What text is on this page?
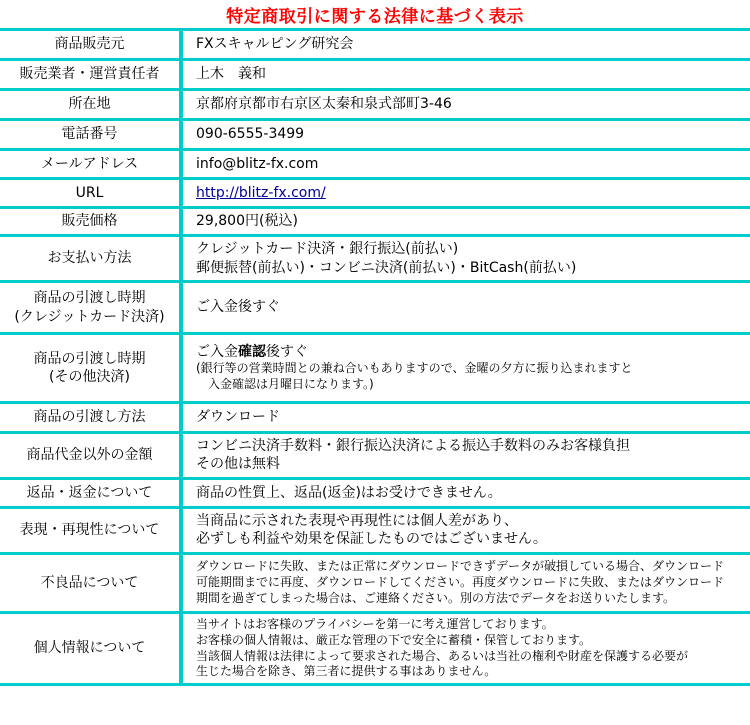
特定商取引に関する法律に基づく表示
商品販売元	FXスキャルピング研究会
販売業者・運営責任者	上木　義和
所在地	京都府京都市右京区太秦和泉式部町3-46
電話番号	090-6555-3499
メールアドレス	info@blitz-fx.com
URL	http://blitz-fx.com/
販売価格	29,800円(税込)
お支払い方法	クレジットカード決済・銀行振込(前払い)
郵便振替(前払い)・コンビニ決済(前払い)・BitCash(前払い)

商品の引渡し時期
(クレジットカード決済)	ご入金後すぐ

商品の引渡し時期
(その他決済)	ご入金確認後すぐ
(銀行等の営業時間との兼ね合いもありますので、金曜の夕方に振り込まれますと
　入金確認は月曜日になります。)

商品の引渡し方法	ダウンロード
商品代金以外の金額	コンビニ決済手数料・銀行振込決済による振込手数料のみお客様負担
その他は無料

返品・返金について	商品の性質上、返品(返金)はお受けできません。
表現・再現性について	当商品に示された表現や再現性には個人差があり、
必ずしも利益や効果を保証したものではございません。

不良品について	ダウンロードに失敗、または正常にダウンロードできずデータが破損している場合、ダウンロード
可能期間までに再度、ダウンロードしてください。再度ダウンロードに失敗、またはダウンロード
期間を過ぎてしまった場合は、ご連絡ください。別の方法でデータをお送りいたします。

個人情報について	当サイトはお客様のプライバシーを第一に考え運営しております。
お客様の個人情報は、厳正な管理の下で安全に蓄積・保管しております。
当該個人情報は法律によって要求された場合、あるいは当社の権利や財産を保護する必要が
生じた場合を除き、第三者に提供する事はありません。
